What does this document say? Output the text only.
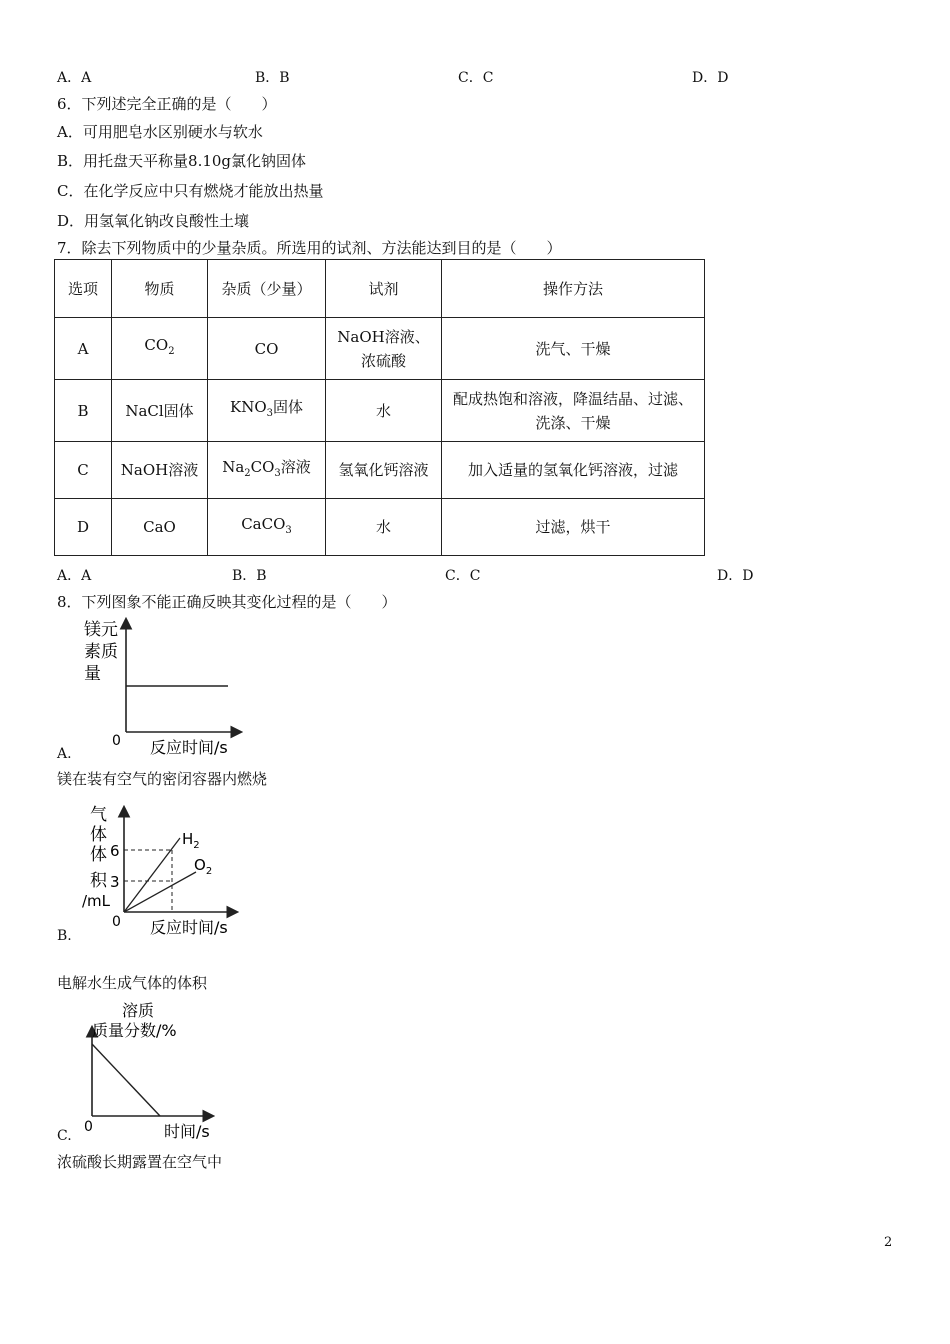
A．A	B．B	C．C	D．D
6．下列述完全正确的是（　　）
A．可用肥皂水区别硬水与软水
B．用托盘天平称量8.10g氯化钠固体
C．在化学反应中只有燃烧才能放出热量
D．用氢氧化钠改良酸性土壤
7．除去下列物质中的少量杂质。所选用的试剂、方法能达到目的是（　　）
选项	物质	杂质（少量）	试剂	操作方法
A	$CO_2$	CO	NaOH溶液、浓硫酸	洗气、干燥
B	NaCl固体	$KNO_3$固体	水	配成热饱和溶液，降温结晶、过滤、洗涤、干燥
C	NaOH溶液	$Na_2CO_3$溶液	氢氧化钙溶液	加入适量的氢氧化钙溶液，过滤
D	CaO	CaCO$_3$	水	过滤，烘干
A．A	B．B	C．C	D．D
8．下列图象不能正确反映其变化过程的是（　　）
镁元
素质
量
0 反应时间/s
A.
镁在装有空气的密闭容器内燃烧
气
体
体
积
/mL
6
3
0
$H_2$
$O_2$
反应时间/s
B.
电解水生成气体的体积
溶质
质量分数/%
0	时间/s
C.
浓硫酸长期露置在空气中
2
